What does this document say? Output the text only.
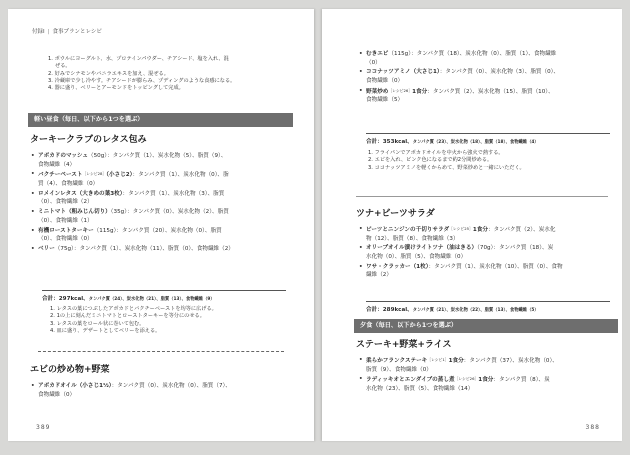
付録Ⅰ | 食事プランとレシピ
1. ボウルにヨーグルト、水、プロテインパウダー、チアシード、塩を入れ、混
ぜる。
2. 好みでシナモンやバニラエキスを加え、混ぜる。
3. 冷蔵庫で少し冷やす。チアシードが膨らみ、プディングのような食感になる。
4. 器に盛り、ベリーとアーモンドをトッピングして完成。
軽い昼食（毎日、以下から1つを選ぶ）
ターキークラブのレタス包み
• アボカドのマッシュ（50g）：タンパク質（1）、炭水化物（5）、脂質（9）、
食物繊維（4）
• バクチーペースト［レシピ28］（小さじ2）：タンパク質（1）、炭水化物（0）、脂
質（4）、食物繊維（0）
• ロメインレタス（大きめの葉3枚）：タンパク質（1）、炭水化物（3）、脂質
（0）、食物繊維（2）
• ミニトマト（粗みじん切り）（35g）：タンパク質（0）、炭水化物（2）、脂質
（0）、食物繊維（1）
• 有機ローストターキー（115g）：タンパク質（20）、炭水化物（0）、脂質
（0）、食物繊維（0）
• ベリー（75g）：タンパク質（1）、炭水化物（11）、脂質（0）、食物繊維（2）
合計：297kcal、タンパク質（24）、炭水化物（21）、脂質（13）、食物繊維（9）
1. レタスの葉につぶしたアボカドとバクチーペーストを均等に広げる。
2. 1の上に刻んだミニトマトとローストターキーを等分にのせる。
3. レタスの葉をロール状に巻いて包む。
4. 皿に盛り、デザートとしてベリーを添える。
エビの炒め物+野菜
• アボカドオイル（小さじ1½）：タンパク質（0）、炭水化物（0）、脂質（7）、
食物繊維（0）
389
• むきエビ（115g）：タンパク質（18）、炭水化物（0）、脂質（1）、食物繊維
（0）
• ココナッツアミノ（大さじ1）：タンパク質（0）、炭水化物（3）、脂質（0）、
食物繊維（0）
• 野菜炒め［レシピ26］1食分：タンパク質（2）、炭水化物（15）、脂質（10）、
食物繊維（5）
合計：353kcal、タンパク質（23）、炭水化物（18）、脂質（18）、食物繊維（4）
1. フライパンでアボカドオイルを中火から強火で熱する。
2. エビを入れ、ピンク色になるまで約2分間炒める。
3. ココナッツアミノを軽くからめて、野菜炒めと一緒にいただく。
ツナ+ビーツサラダ
• ビーツとニンジンの千切りサラダ［レシピ25］1食分：タンパク質（2）、炭水化
物（12）、脂質（8）、食物繊維（3）
• オリーブオイル漬けライトツナ（油はきる）（70g）：タンパク質（18）、炭
水化物（0）、脂質（5）、食物繊維（0）
• ワサ・クラッカー（1枚）：タンパク質（1）、炭水化物（10）、脂質（0）、食物
繊維（2）
合計：289kcal、タンパク質（21）、炭水化物（22）、脂質（13）、食物繊維（5）
夕食（毎日、以下から1つを選ぶ）
ステーキ+野菜+ライス
• 柔らかフランクステーキ［レシピ1］1食分：タンパク質（37）、炭水化物（0）、
脂質（9）、食物繊維（0）
• ラディッキオとエンダイブの蒸し煮［レシピ26］1食分：タンパク質（8）、炭
水化物（23）、脂質（5）、食物繊維（14）
388
